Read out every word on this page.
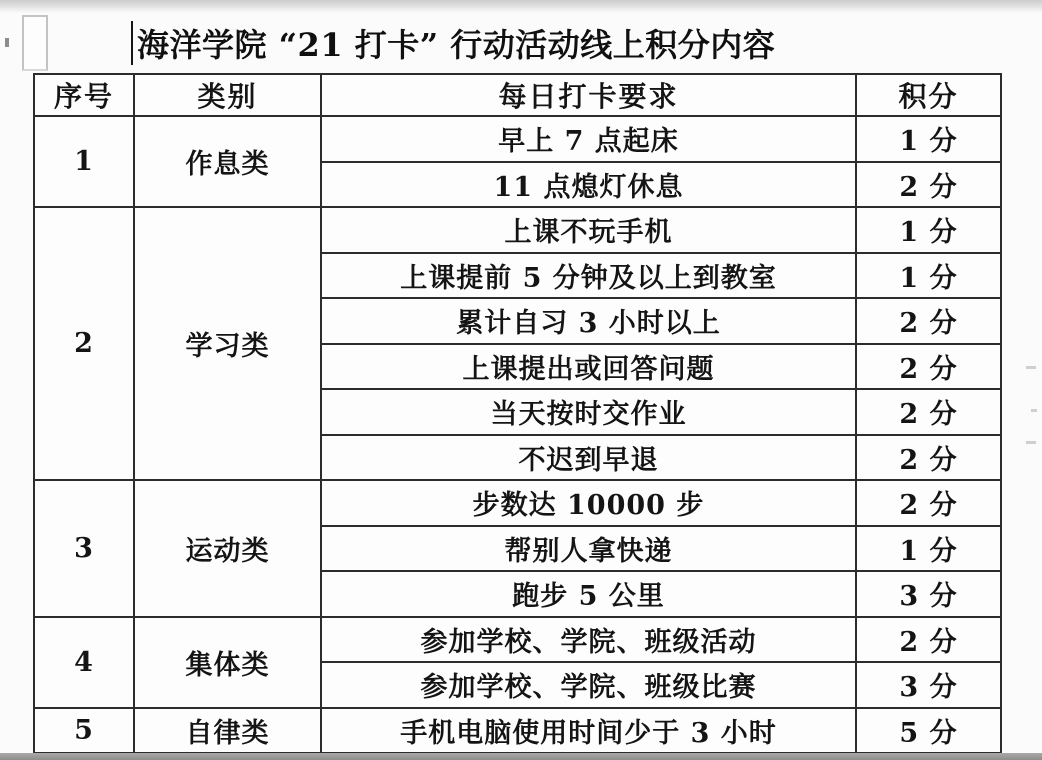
海洋学院 “21 打卡” 行动活动线上积分内容
序号	类别	每日打卡要求	积分
1	作息类	早上 7 点起床	1 分
		11 点熄灯休息	2 分
2	学习类	上课不玩手机	1 分
		上课提前 5 分钟及以上到教室	1 分
		累计自习 3 小时以上	2 分
		上课提出或回答问题	2 分
		当天按时交作业	2 分
		不迟到早退	2 分
3	运动类	步数达 10000 步	2 分
		帮别人拿快递	1 分
		跑步 5 公里	3 分
4	集体类	参加学校、学院、班级活动	2 分
		参加学校、学院、班级比赛	3 分
5	自律类	手机电脑使用时间少于 3 小时	5 分
